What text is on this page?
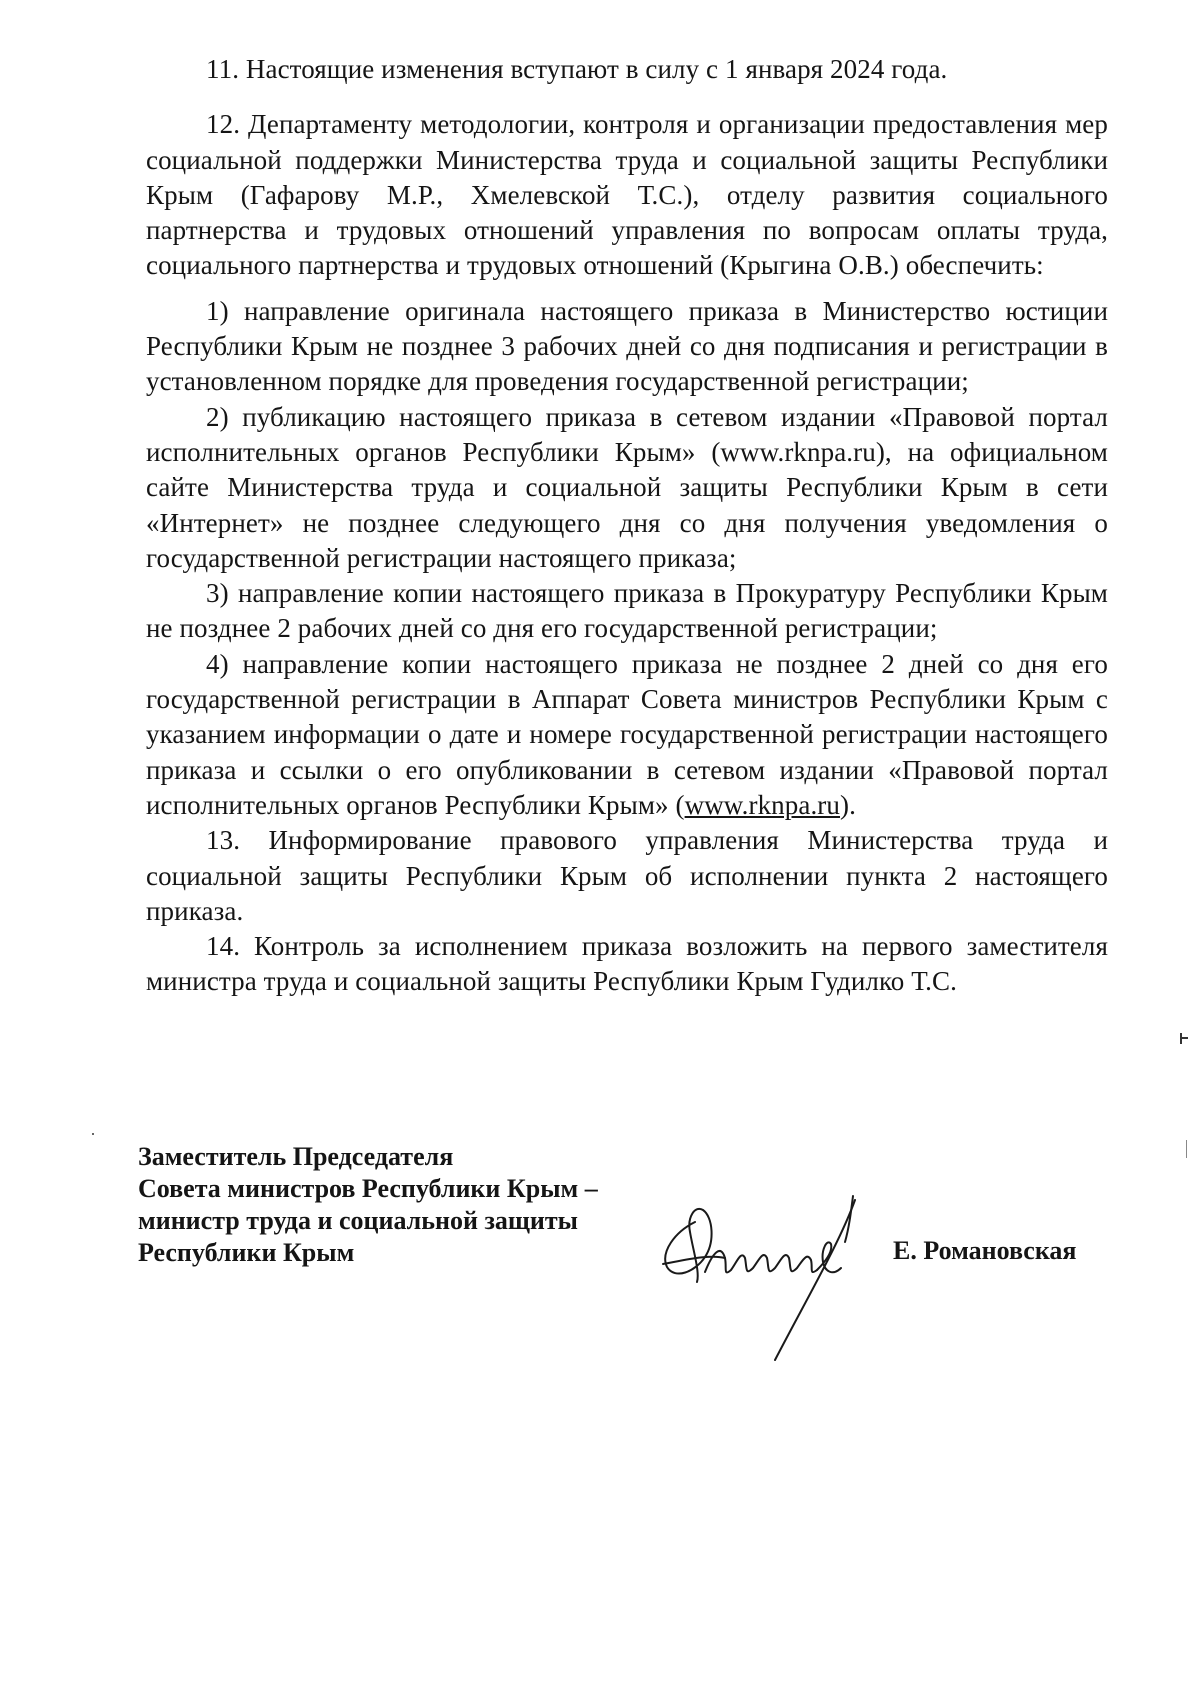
11. Настоящие изменения вступают в силу с 1 января 2024 года.

12. Департаменту методологии, контроля и организации предоставления мер социальной поддержки Министерства труда и социальной защиты Республики Крым (Гафарову М.Р., Хмелевской Т.С.), отделу развития социального партнерства и трудовых отношений управления по вопросам оплаты труда, социального партнерства и трудовых отношений (Крыгина О.В.) обеспечить:

1) направление оригинала настоящего приказа в Министерство юстиции Республики Крым не позднее 3 рабочих дней со дня подписания и регистрации в установленном порядке для проведения государственной регистрации;

2) публикацию настоящего приказа в сетевом издании «Правовой портал исполнительных органов Республики Крым» (www.rknpa.ru), на официальном сайте Министерства труда и социальной защиты Республики Крым в сети «Интернет» не позднее следующего дня со дня получения уведомления о государственной регистрации настоящего приказа;

3) направление копии настоящего приказа в Прокуратуру Республики Крым не позднее 2 рабочих дней со дня его государственной регистрации;

4) направление копии настоящего приказа не позднее 2 дней со дня его государственной регистрации в Аппарат Совета министров Республики Крым с указанием информации о дате и номере государственной регистрации настоящего приказа и ссылки о его опубликовании в сетевом издании «Правовой портал исполнительных органов Республики Крым» (www.rknpa.ru).

13. Информирование правового управления Министерства труда и социальной защиты Республики Крым об исполнении пункта 2 настоящего приказа.

14. Контроль за исполнением приказа возложить на первого заместителя министра труда и социальной защиты Республики Крым Гудилко Т.С.

Заместитель Председателя
Совета министров Республики Крым –
министр труда и социальной защиты
Республики Крым	Е. Романовская
